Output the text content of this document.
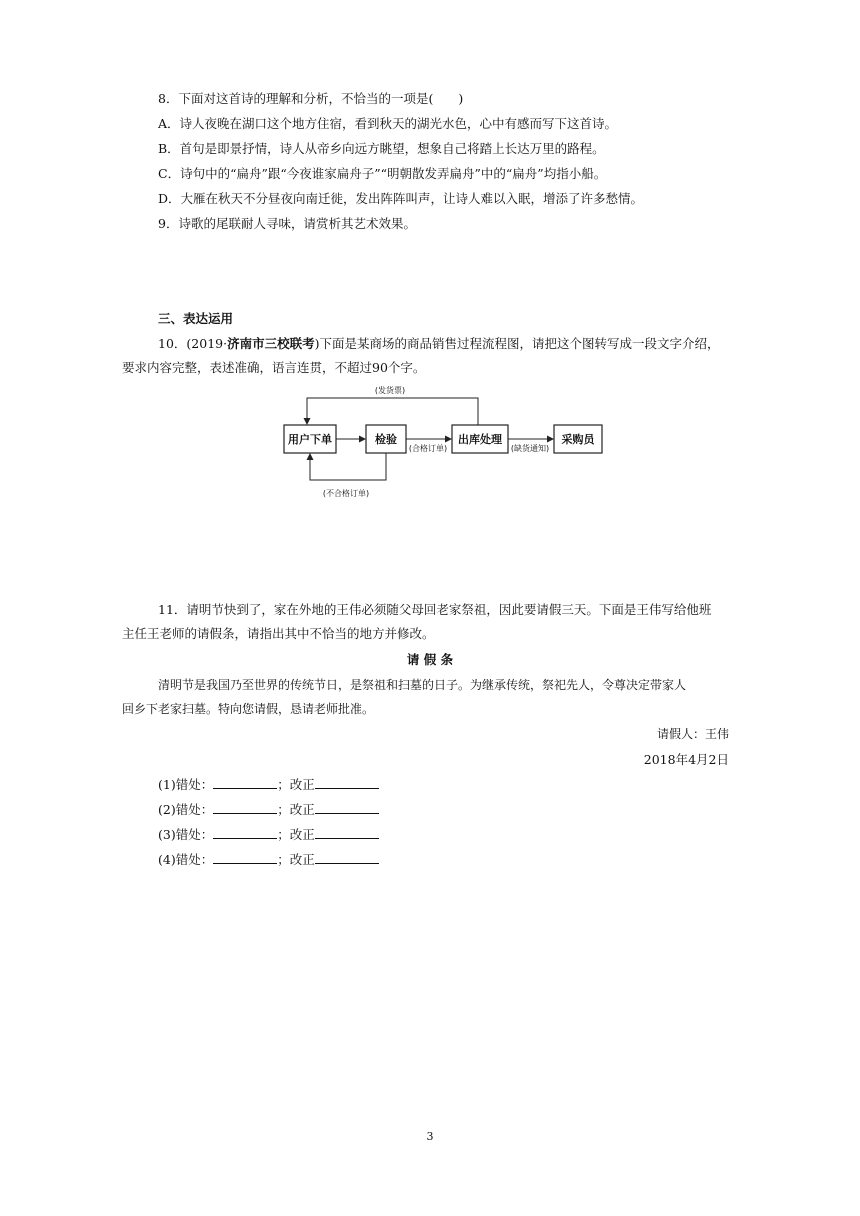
8．下面对这首诗的理解和分析，不恰当的一项是(　　)
A．诗人夜晚在湖口这个地方住宿，看到秋天的湖光水色，心中有感而写下这首诗。
B．首句是即景抒情，诗人从帝乡向远方眺望，想象自己将踏上长达万里的路程。
C．诗句中的“扁舟”跟“今夜谁家扁舟子”“明朝散发弄扁舟”中的“扁舟”均指小船。
D．大雁在秋天不分昼夜向南迁徙，发出阵阵叫声，让诗人难以入眠，增添了许多愁情。
9．诗歌的尾联耐人寻味，请赏析其艺术效果。
三、表达运用
10．(2019·济南市三校联考)下面是某商场的商品销售过程流程图，请把这个图转写成一段文字介绍，
要求内容完整，表述准确，语言连贯，不超过90个字。
用户下单	检验	出库处理	采购员
(发货票)
(合格订单)	(缺货通知)
(不合格订单)
11．请明节快到了，家在外地的王伟必须随父母回老家祭祖，因此要请假三天。下面是王伟写给他班
主任王老师的请假条，请指出其中不恰当的地方并修改。
请 假 条
清明节是我国乃至世界的传统节日，是祭祖和扫墓的日子。为继承传统，祭祀先人，令尊决定带家人
回乡下老家扫墓。特向您请假，恳请老师批准。
请假人：王伟
2018年4月2日
(1)错处：	；改正
(2)错处：	；改正
(3)错处：	；改正
(4)错处：	；改正
3
